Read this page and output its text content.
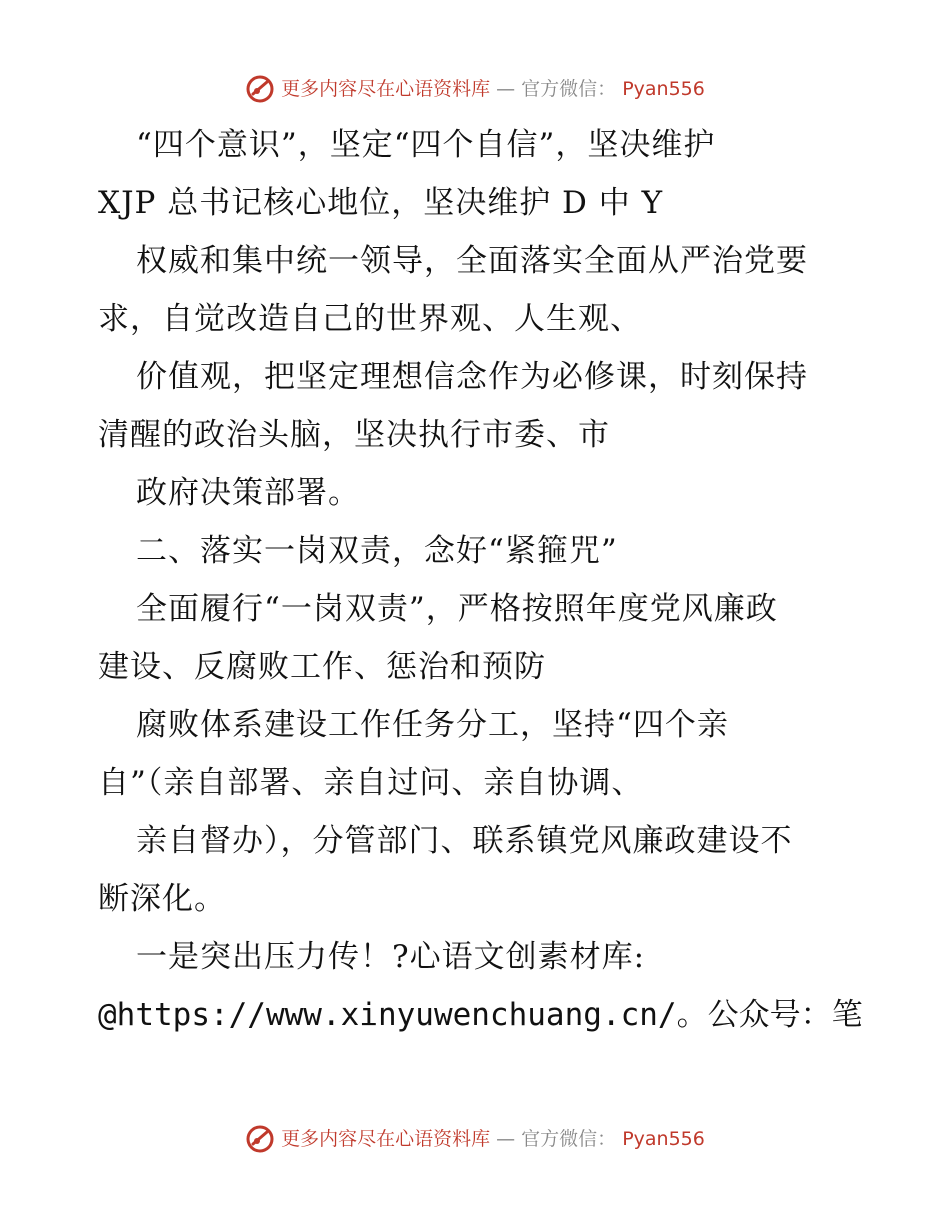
更多内容尽在心语资料库 — 官方微信： Pyan556
“四个意识”，坚定“四个自信”，坚决维护
XJP 总书记核心地位，坚决维护 D 中 Y
权威和集中统一领导，全面落实全面从严治党要
求，自觉改造自己的世界观、人生观、
价值观，把坚定理想信念作为必修课，时刻保持
清醒的政治头脑，坚决执行市委、市
政府决策部署。
二、落实一岗双责，念好“紧箍咒”
全面履行“一岗双责”，严格按照年度党风廉政
建设、反腐败工作、惩治和预防
腐败体系建设工作任务分工，坚持“四个亲
自”（亲自部署、亲自过问、亲自协调、
亲自督办），分管部门、联系镇党风廉政建设不
断深化。
一是突出压力传！?心语文创素材库:
@https://www.xinyuwenchuang.cn/。公众号：笔
更多内容尽在心语资料库 — 官方微信： Pyan556
